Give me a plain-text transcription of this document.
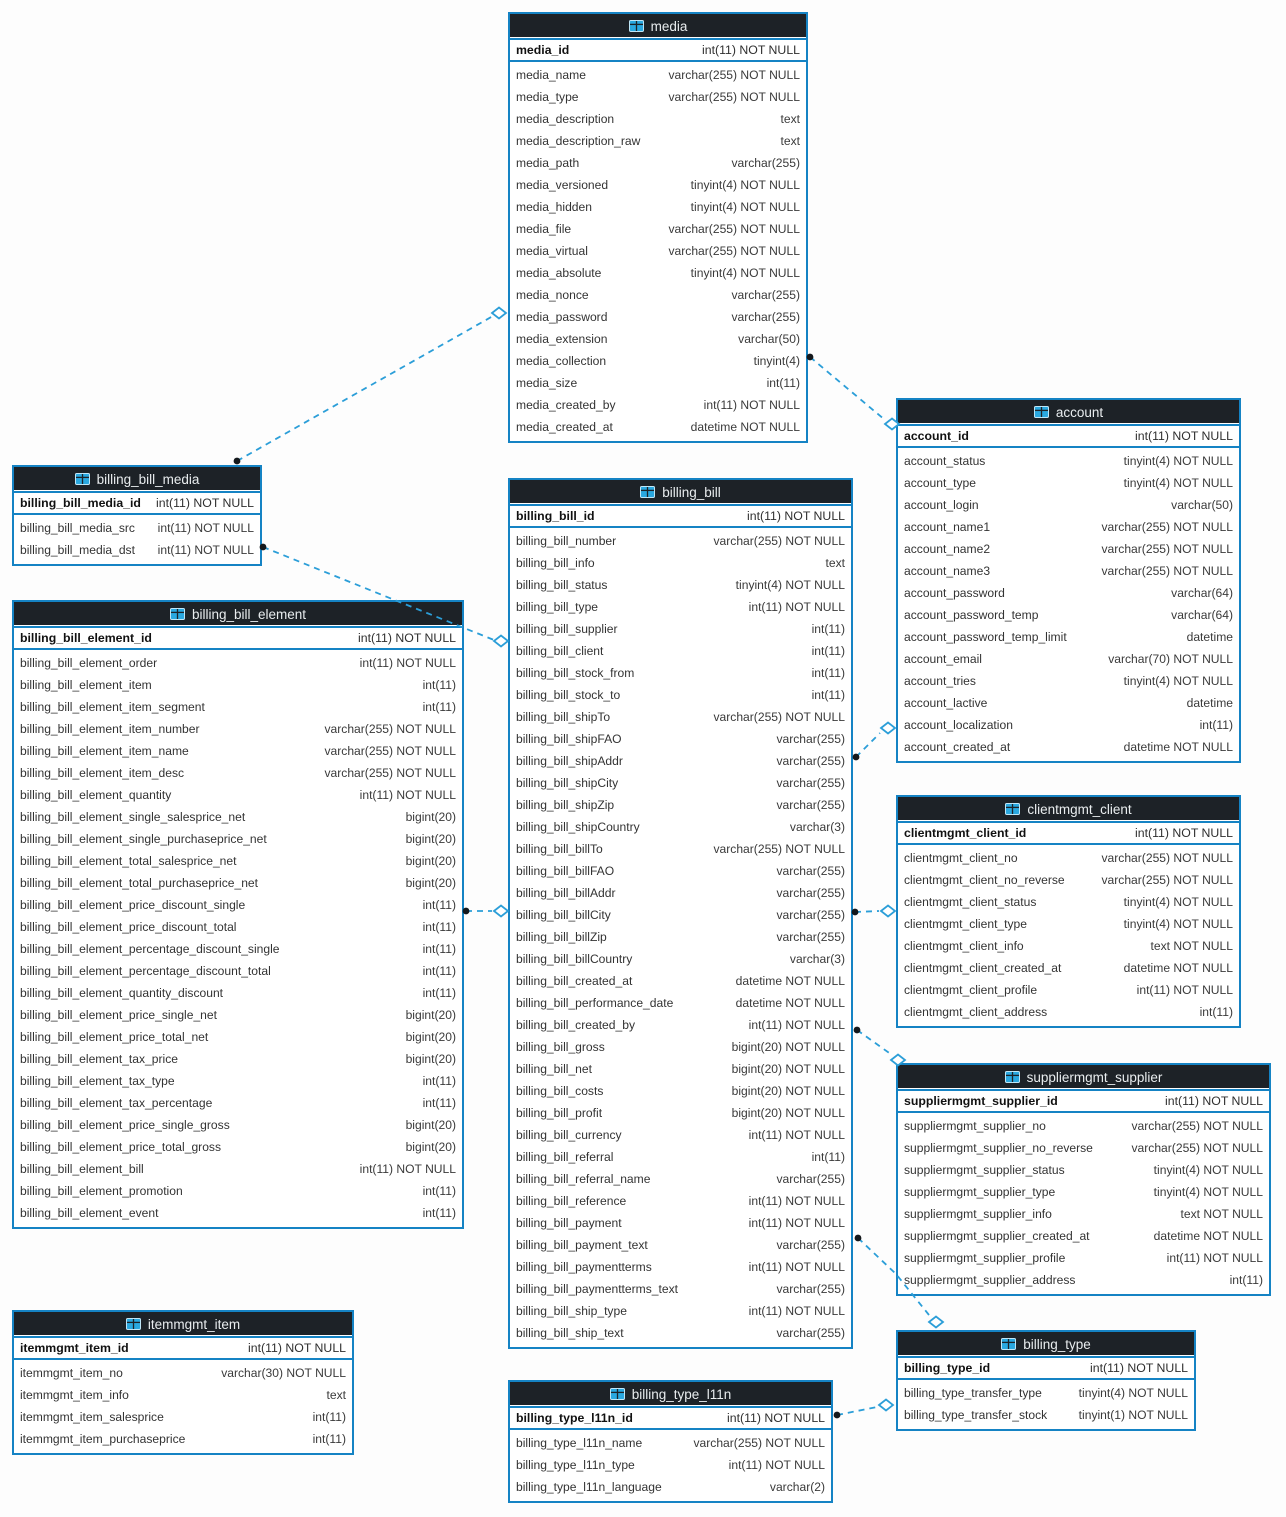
media
media_id	int(11) NOT NULL
media_name	varchar(255) NOT NULL
media_type	varchar(255) NOT NULL
media_description	text
media_description_raw	text
media_path	varchar(255)
media_versioned	tinyint(4) NOT NULL
media_hidden	tinyint(4) NOT NULL
media_file	varchar(255) NOT NULL
media_virtual	varchar(255) NOT NULL
media_absolute	tinyint(4) NOT NULL
media_nonce	varchar(255)
media_password	varchar(255)
media_extension	varchar(50)
media_collection	tinyint(4)
media_size	int(11)
media_created_by	int(11) NOT NULL
media_created_at	datetime NOT NULL
billing_bill_media
billing_bill_media_id int(11) NOT NULL
billing_bill_media_src int(11) NOT NULL
billing_bill_media_dst int(11) NOT NULL
billing_bill_element
billing_bill_element_id	int(11) NOT NULL
billing_bill_element_order	int(11) NOT NULL
billing_bill_element_item	int(11)
billing_bill_element_item_segment	int(11)
billing_bill_element_item_number	varchar(255) NOT NULL
billing_bill_element_item_name	varchar(255) NOT NULL
billing_bill_element_item_desc	varchar(255) NOT NULL
billing_bill_element_quantity	int(11) NOT NULL
billing_bill_element_single_salesprice_net	bigint(20)
billing_bill_element_single_purchaseprice_net	bigint(20)
billing_bill_element_total_salesprice_net	bigint(20)
billing_bill_element_total_purchaseprice_net	bigint(20)
billing_bill_element_price_discount_single	int(11)
billing_bill_element_price_discount_total	int(11)
billing_bill_element_percentage_discount_single	int(11)
billing_bill_element_percentage_discount_total	int(11)
billing_bill_element_quantity_discount	int(11)
billing_bill_element_price_single_net	bigint(20)
billing_bill_element_price_total_net	bigint(20)
billing_bill_element_tax_price	bigint(20)
billing_bill_element_tax_type	int(11)
billing_bill_element_tax_percentage	int(11)
billing_bill_element_price_single_gross	bigint(20)
billing_bill_element_price_total_gross	bigint(20)
billing_bill_element_bill	int(11) NOT NULL
billing_bill_element_promotion	int(11)
billing_bill_element_event	int(11)
itemmgmt_item
itemmgmt_item_id	int(11) NOT NULL
itemmgmt_item_no	varchar(30) NOT NULL
itemmgmt_item_info	text
itemmgmt_item_salesprice	int(11)
itemmgmt_item_purchaseprice	int(11)
billing_bill
billing_bill_id	int(11) NOT NULL
billing_bill_number	varchar(255) NOT NULL
billing_bill_info	text
billing_bill_status	tinyint(4) NOT NULL
billing_bill_type	int(11) NOT NULL
billing_bill_supplier	int(11)
billing_bill_client	int(11)
billing_bill_stock_from	int(11)
billing_bill_stock_to	int(11)
billing_bill_shipTo	varchar(255) NOT NULL
billing_bill_shipFAO	varchar(255)
billing_bill_shipAddr	varchar(255)
billing_bill_shipCity	varchar(255)
billing_bill_shipZip	varchar(255)
billing_bill_shipCountry	varchar(3)
billing_bill_billTo	varchar(255) NOT NULL
billing_bill_billFAO	varchar(255)
billing_bill_billAddr	varchar(255)
billing_bill_billCity	varchar(255)
billing_bill_billZip	varchar(255)
billing_bill_billCountry	varchar(3)
billing_bill_created_at	datetime NOT NULL
billing_bill_performance_date	datetime NOT NULL
billing_bill_created_by	int(11) NOT NULL
billing_bill_gross	bigint(20) NOT NULL
billing_bill_net	bigint(20) NOT NULL
billing_bill_costs	bigint(20) NOT NULL
billing_bill_profit	bigint(20) NOT NULL
billing_bill_currency	int(11) NOT NULL
billing_bill_referral	int(11)
billing_bill_referral_name	varchar(255)
billing_bill_reference	int(11) NOT NULL
billing_bill_payment	int(11) NOT NULL
billing_bill_payment_text	varchar(255)
billing_bill_paymentterms	int(11) NOT NULL
billing_bill_paymentterms_text	varchar(255)
billing_bill_ship_type	int(11) NOT NULL
billing_bill_ship_text	varchar(255)
billing_type_l11n
billing_type_l11n_id	int(11) NOT NULL
billing_type_l11n_name	varchar(255) NOT NULL
billing_type_l11n_type	int(11) NOT NULL
billing_type_l11n_language	varchar(2)
account
account_id	int(11) NOT NULL
account_status	tinyint(4) NOT NULL
account_type	tinyint(4) NOT NULL
account_login	varchar(50)
account_name1	varchar(255) NOT NULL
account_name2	varchar(255) NOT NULL
account_name3	varchar(255) NOT NULL
account_password	varchar(64)
account_password_temp	varchar(64)
account_password_temp_limit	datetime
account_email	varchar(70) NOT NULL
account_tries	tinyint(4) NOT NULL
account_lactive	datetime
account_localization	int(11)
account_created_at	datetime NOT NULL
clientmgmt_client
clientmgmt_client_id	int(11) NOT NULL
clientmgmt_client_no	varchar(255) NOT NULL
clientmgmt_client_no_reverse	varchar(255) NOT NULL
clientmgmt_client_status	tinyint(4) NOT NULL
clientmgmt_client_type	tinyint(4) NOT NULL
clientmgmt_client_info	text NOT NULL
clientmgmt_client_created_at	datetime NOT NULL
clientmgmt_client_profile	int(11) NOT NULL
clientmgmt_client_address	int(11)
suppliermgmt_supplier
suppliermgmt_supplier_id	int(11) NOT NULL
suppliermgmt_supplier_no	varchar(255) NOT NULL
suppliermgmt_supplier_no_reverse	varchar(255) NOT NULL
suppliermgmt_supplier_status	tinyint(4) NOT NULL
suppliermgmt_supplier_type	tinyint(4) NOT NULL
suppliermgmt_supplier_info	text NOT NULL
suppliermgmt_supplier_created_at	datetime NOT NULL
suppliermgmt_supplier_profile	int(11) NOT NULL
suppliermgmt_supplier_address	int(11)
billing_type
billing_type_id	int(11) NOT NULL
billing_type_transfer_type	tinyint(4) NOT NULL
billing_type_transfer_stock	tinyint(1) NOT NULL
